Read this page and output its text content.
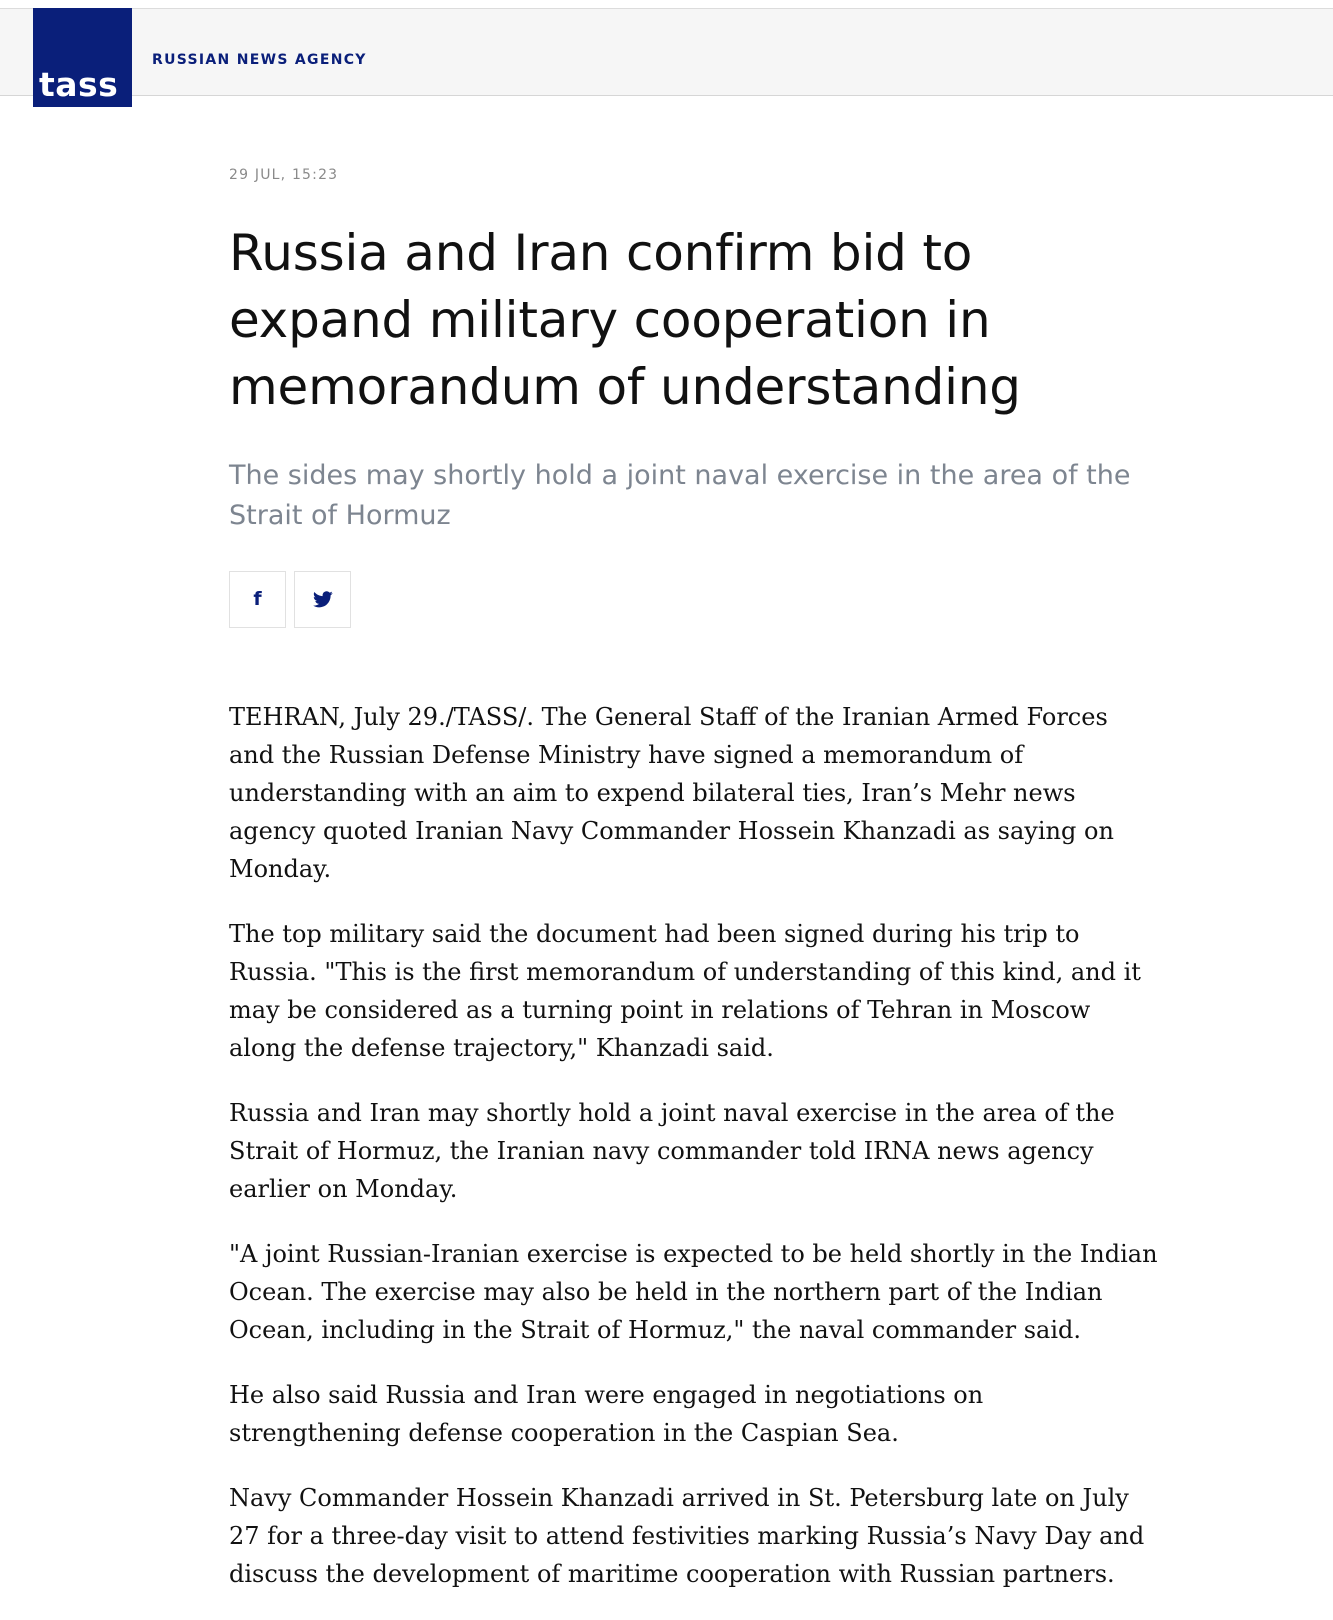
RUSSIAN NEWS AGENCY
tass
29 JUL, 15:23
Russia and Iran confirm bid to expand military cooperation in memorandum of understanding

The sides may shortly hold a joint naval exercise in the area of the Strait of Hormuz

f

TEHRAN, July 29./TASS/. The General Staff of the Iranian Armed Forces and the Russian Defense Ministry have signed a memorandum of understanding with an aim to expend bilateral ties, Iran’s Mehr news agency quoted Iranian Navy Commander Hossein Khanzadi as saying on Monday.

The top military said the document had been signed during his trip to Russia. "This is the first memorandum of understanding of this kind, and it may be considered as a turning point in relations of Tehran in Moscow along the defense trajectory," Khanzadi said.

Russia and Iran may shortly hold a joint naval exercise in the area of the Strait of Hormuz, the Iranian navy commander told IRNA news agency earlier on Monday.

"A joint Russian-Iranian exercise is expected to be held shortly in the Indian Ocean. The exercise may also be held in the northern part of the Indian Ocean, including in the Strait of Hormuz," the naval commander said.

He also said Russia and Iran were engaged in negotiations on strengthening defense cooperation in the Caspian Sea.

Navy Commander Hossein Khanzadi arrived in St. Petersburg late on July 27 for a three-day visit to attend festivities marking Russia’s Navy Day and discuss the development of maritime cooperation with Russian partners.
